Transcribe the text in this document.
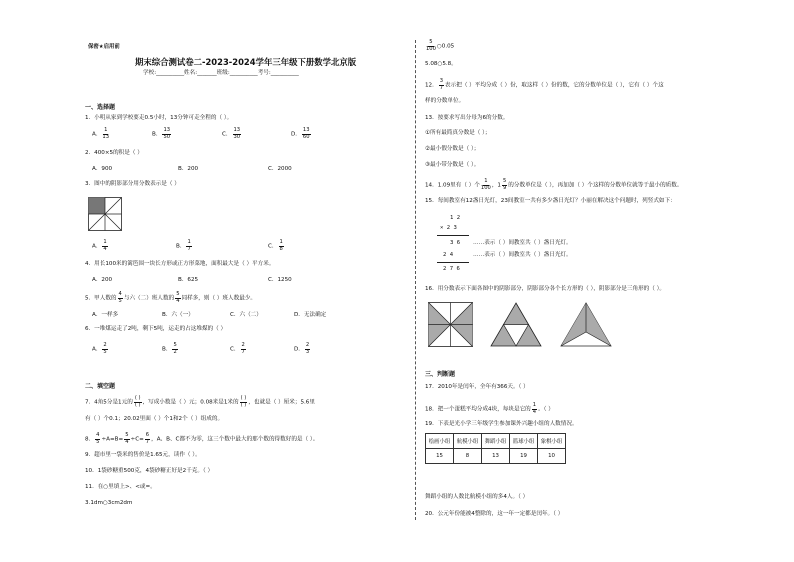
保密★启用前
期末综合测试卷二-2023-2024学年三年级下册数学北京版
学校:__________姓名:_______班级:__________考号:__________
一、选择题
1．小明从家到学校要走0.5小时，13分钟可走全程的（ ）。
A． $\frac{1}{13}$	B． $\frac{13}{50}$	C． $\frac{13}{30}$	D． $\frac{13}{60}$
2．400×5的积是（ ）
A．900	B．200	C．2000
3．图中的阴影部分用分数表示是（ ）
A． $\frac{1}{4}$	B． $\frac{1}{7}$	C． $\frac{1}{8}$
4．用长100米的篱笆围一块长方形或正方形菜地，面积最大是（ ）平方米。
A．200	B．625	C．1250
5．甲人数的 $\frac{4}{5}$ 与六（二）班人数的 $\frac{5}{4}$ 同样多，则（ ）班人数最少。
A．一样多	B．六（一）	C．六（二）	D．无法确定
6．一堆煤运走了2吨，剩下5吨，运走的占这堆煤的（ ）
A． $\frac{2}{5}$	B． $\frac{5}{2}$	C． $\frac{2}{7}$	D． $\frac{2}{3}$
二、填空题
7．4角5分是1元的 $\frac{( )}{( )}$ ，写成小数是（ ）元；0.08米是1米的 $\frac{( )}{( )}$ ，也就是（ ）厘米；5.6里
有（ ）个0.1；20.02里面（ ）个1和2个（ ）组成的。
8． $\frac{4}{5} \div A=B= \frac{5}{4} \div C= \frac{6}{7}$ ，A、B、C都不为零，这三个数中最大的那个数的得数好的是（ ）。
9．超市里一袋米的售价是1.65元，读作（ ）。
10．1袋砂糖重500克，4袋砂糖正好是2千克。（ ）
11．在○里填上>、<或=。
3.1dm○3cm2dm
$\frac{5}{100}$ ○0.05
5.08○5.8。
12． $\frac{3}{7}$ 表示把（ ）平均分成（ ）份，取这样（ ）份的数，它的分数单位是（ ），它有（ ）个这
样的分数单位。
13．按要求写出分母为6的分数。
①所有最简真分数是（ ）；
②最小假分数是（ ）；
③最小带分数是（ ）。
14．1.09里有（ ）个 $\frac{1}{100}$ ，$1 \frac{5}{9}$ 的分数单位是（ ），再加加（ ）个这样的分数单位就等于最小的质数。
15．每间教室有12盏日光灯，23间教室一共有多少盏日光灯？小丽在解决这个问题时，列竖式如下：
1 2
× 2 3
3 6 ……表示（ ）间教室共（ ）盏日光灯。
2 4	……表示（ ）间教室共（ ）盏日光灯。
2 7 6
16．用分数表示下面各图中的阴影部分，阴影部分各个长方形的（ ），阴影部分是三角形的（ ）。
三、判断题
17．2010年是闰年，全年有366天。（ ）
18．把一个蛋糕平均分成4块，每块是它的 $\frac{1}{4}$ 。（ ）
19．下表是光小学三年级学生参加课外兴趣小组的人数情况。
绘画小组	航模小组	舞蹈小组	篮球小组	象棋小组
15	8	13	19	10
舞蹈小组的人数比航模小组的多4人。（ ）
20．公元年份能被4整除的，这一年一定都是闰年。（ ）
